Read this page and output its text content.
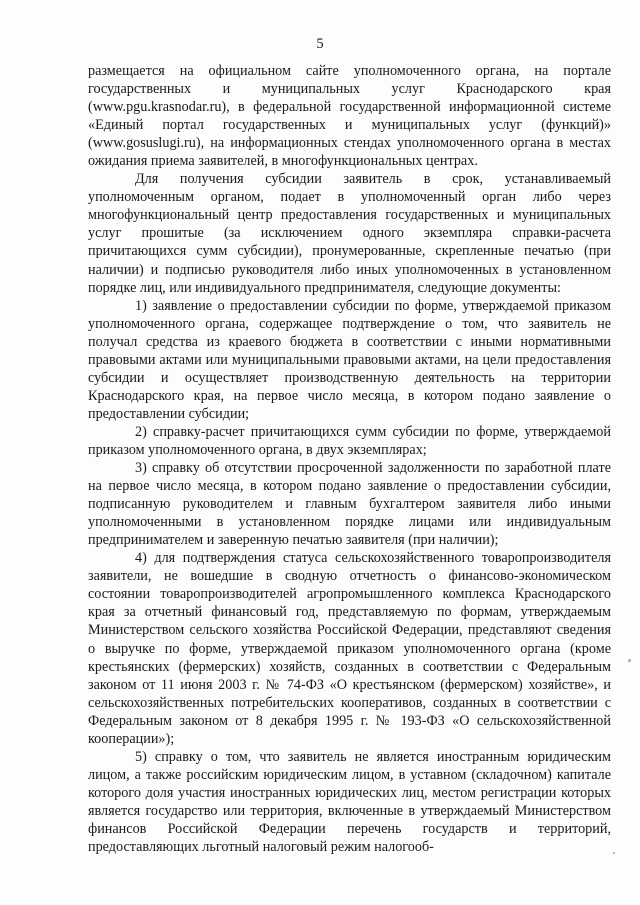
5

размещается на официальном сайте уполномоченного органа, на портале государственных и муниципальных услуг Краснодарского края (www.pgu.krasnodar.ru), в федеральной государственной информационной системе «Единый портал государственных и муниципальных услуг (функций)» (www.gosuslugi.ru), на информационных стендах уполномоченного органа в местах ожидания приема заявителей, в многофункциональных центрах.

Для получения субсидии заявитель в срок, устанавливаемый уполномоченным органом, подает в уполномоченный орган либо через многофункциональный центр предоставления государственных и муниципальных услуг прошитые (за исключением одного экземпляра справки-расчета причитающихся сумм субсидии), пронумерованные, скрепленные печатью (при наличии) и подписью руководителя либо иных уполномоченных в установленном порядке лиц, или индивидуального предпринимателя, следующие документы:

1) заявление о предоставлении субсидии по форме, утверждаемой приказом уполномоченного органа, содержащее подтверждение о том, что заявитель не получал средства из краевого бюджета в соответствии с иными нормативными правовыми актами или муниципальными правовыми актами, на цели предоставления субсидии и осуществляет производственную деятельность на территории Краснодарского края, на первое число месяца, в котором подано заявление о предоставлении субсидии;

2) справку-расчет причитающихся сумм субсидии по форме, утверждаемой приказом уполномоченного органа, в двух экземплярах;

3) справку об отсутствии просроченной задолженности по заработной плате на первое число месяца, в котором подано заявление о предоставлении субсидии, подписанную руководителем и главным бухгалтером заявителя либо иными уполномоченными в установленном порядке лицами или индивидуальным предпринимателем и заверенную печатью заявителя (при наличии);

4) для подтверждения статуса сельскохозяйственного товаропроизводителя заявители, не вошедшие в сводную отчетность о финансово-экономическом состоянии товаропроизводителей агропромышленного комплекса Краснодарского края за отчетный финансовый год, представляемую по формам, утверждаемым Министерством сельского хозяйства Российской Федерации, представляют сведения о выручке по форме, утверждаемой приказом уполномоченного органа (кроме крестьянских (фермерских) хозяйств, созданных в соответствии с Федеральным законом от 11 июня 2003 г. № 74-ФЗ «О крестьянском (фермерском) хозяйстве», и сельскохозяйственных потребительских кооперативов, созданных в соответствии с Федеральным законом от 8 декабря 1995 г. № 193-ФЗ «О сельскохозяйственной кооперации»);

5) справку о том, что заявитель не является иностранным юридическим лицом, а также российским юридическим лицом, в уставном (складочном) капитале которого доля участия иностранных юридических лиц, местом регистрации которых является государство или территория, включенные в утверждаемый Министерством финансов Российской Федерации перечень государств и территорий, предоставляющих льготный налоговый режим налогооб-
